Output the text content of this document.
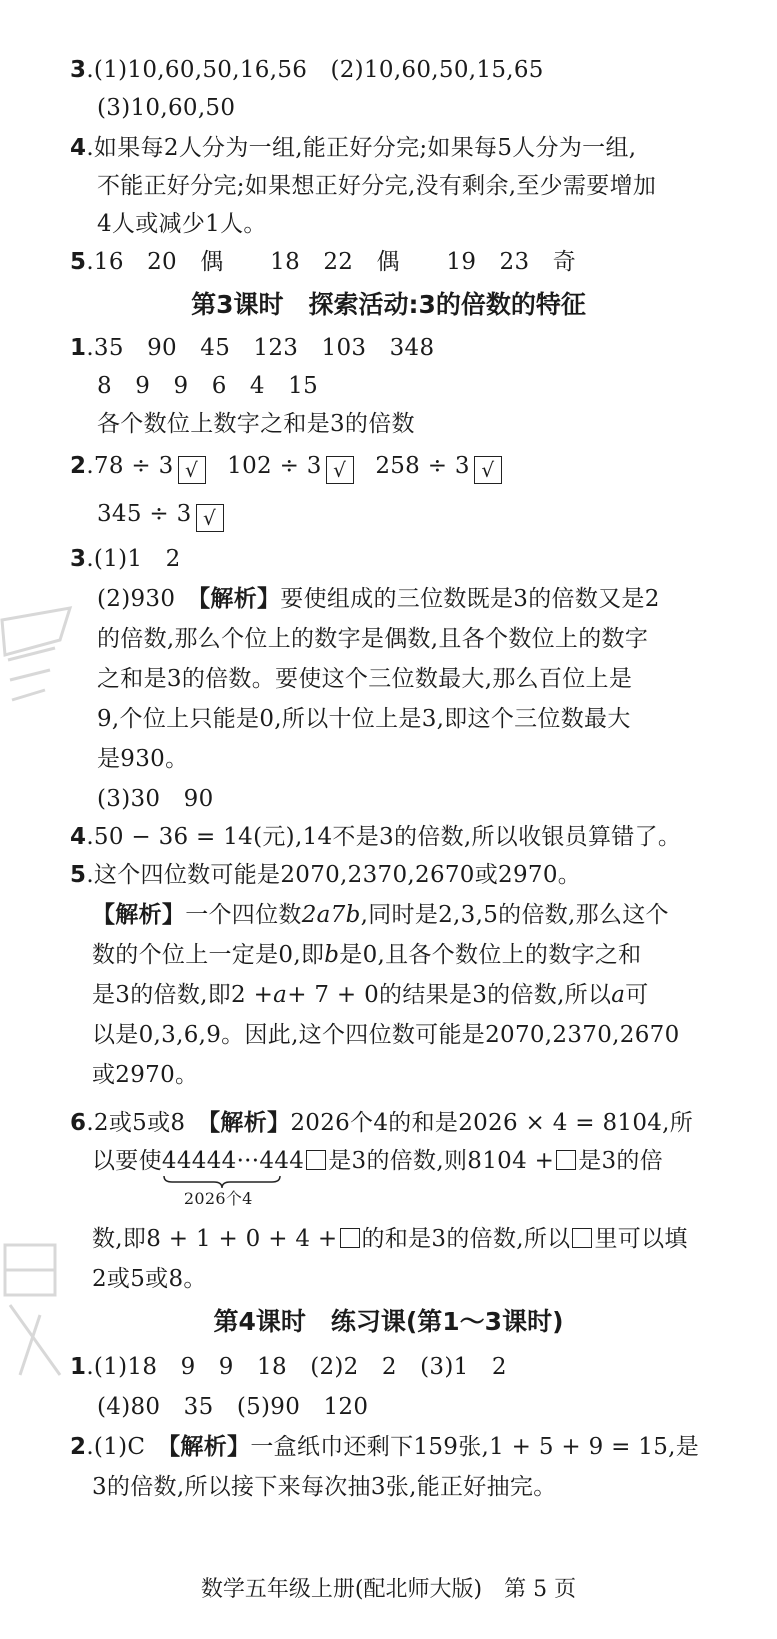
3.(1)10,60,50,16,56　(2)10,60,50,15,65
(3)10,60,50
4.如果每2人分为一组,能正好分完;如果每5人分为一组,
不能正好分完;如果想正好分完,没有剩余,至少需要增加
4人或减少1人。
5.16　20　偶　　18　22　偶　　19　23　奇
第3课时　探索活动:3的倍数的特征
1.35　90　45　123　103　348
8　9　9　6　4　15
各个数位上数字之和是3的倍数
2.78 ÷ 3 √ 102 ÷ 3 √ 258 ÷ 3 √
345 ÷ 3 √
3.(1)1　2
(2)930　【解析】要使组成的三位数既是3的倍数又是2
的倍数,那么个位上的数字是偶数,且各个数位上的数字
之和是3的倍数。要使这个三位数最大,那么百位上是
9,个位上只能是0,所以十位上是3,即这个三位数最大
是930。
(3)30　90
4.50 − 36 = 14(元),14不是3的倍数,所以收银员算错了。
5.这个四位数可能是2070,2370,2670或2970。
【解析】一个四位数2a7b,同时是2,3,5的倍数,那么这个
数的个位上一定是0,即b是0,且各个数位上的数字之和
是3的倍数,即2 +a+ 7 + 0的结果是3的倍数,所以a可
以是0,3,6,9。因此,这个四位数可能是2070,2370,2670
或2970。
6.2或5或8　【解析】2026个4的和是2026 × 4 = 8104,所
以要使44444···444
2026个4
是3的倍数,则8104 + 是3的倍
数,即8 + 1 + 0 + 4 + 的和是3的倍数,所以 里可以填
2或5或8。
第4课时　练习课(第1～3课时)
1.(1)18　9　9　18　(2)2　2　(3)1　2
(4)80　35　(5)90　120
2.(1)C　【解析】一盒纸巾还剩下159张,1 + 5 + 9 = 15,是
3的倍数,所以接下来每次抽3张,能正好抽完。
数学五年级上册(配北师大版)　第 5 页
